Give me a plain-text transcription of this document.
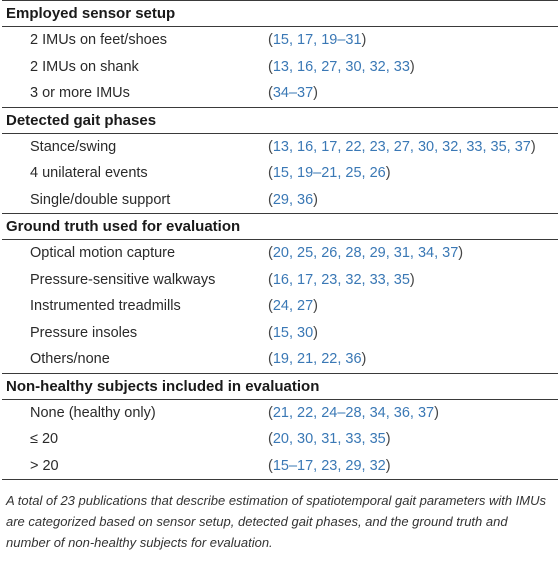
Employed sensor setup
2 IMUs on feet/shoes	(15, 17, 19–31)
2 IMUs on shank	(13, 16, 27, 30, 32, 33)
3 or more IMUs	(34–37)
Detected gait phases
Stance/swing	(13, 16, 17, 22, 23, 27, 30, 32, 33, 35, 37)
4 unilateral events	(15, 19–21, 25, 26)
Single/double support	(29, 36)
Ground truth used for evaluation
Optical motion capture	(20, 25, 26, 28, 29, 31, 34, 37)
Pressure-sensitive walkways	(16, 17, 23, 32, 33, 35)
Instrumented treadmills	(24, 27)
Pressure insoles	(15, 30)
Others/none	(19, 21, 22, 36)
Non-healthy subjects included in evaluation
None (healthy only)	(21, 22, 24–28, 34, 36, 37)
≤ 20	(20, 30, 31, 33, 35)
> 20	(15–17, 23, 29, 32)
A total of 23 publications that describe estimation of spatiotemporal gait parameters with IMUs are categorized based on sensor setup, detected gait phases, and the ground truth and number of non-healthy subjects for evaluation.
